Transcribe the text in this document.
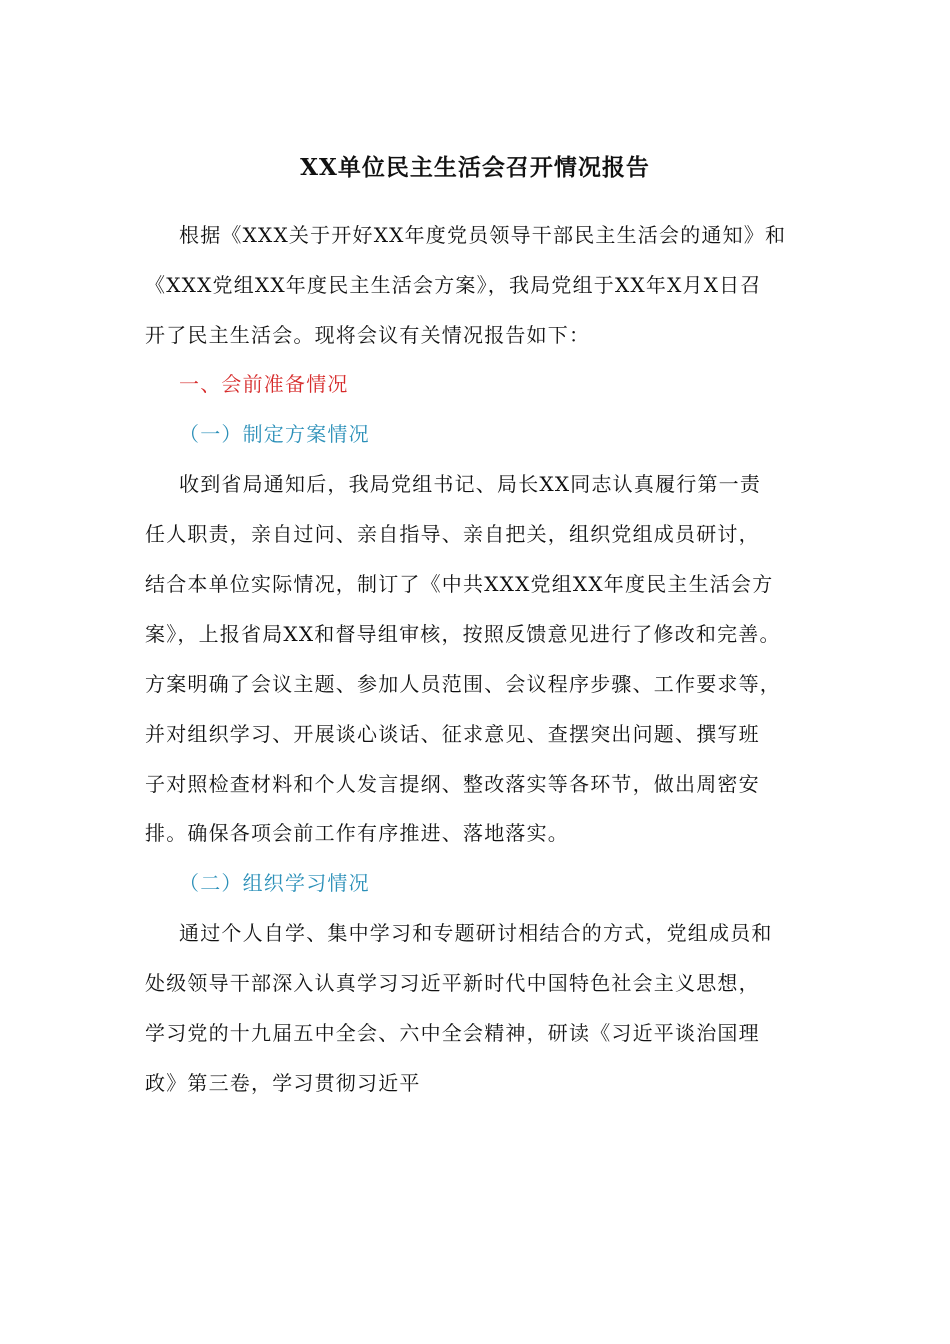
XX单位民主生活会召开情况报告
根据《XXX关于开好XX年度党员领导干部民主生活会的通知》和
《XXX党组XX年度民主生活会方案》，我局党组于XX年X月X日召
开了民主生活会。现将会议有关情况报告如下：
一、会前准备情况
（一）制定方案情况
收到省局通知后，我局党组书记、局长XX同志认真履行第一责
任人职责，亲自过问、亲自指导、亲自把关，组织党组成员研讨，
结合本单位实际情况，制订了《中共XXX党组XX年度民主生活会方
案》，上报省局XX和督导组审核，按照反馈意见进行了修改和完善。
方案明确了会议主题、参加人员范围、会议程序步骤、工作要求等，
并对组织学习、开展谈心谈话、征求意见、查摆突出问题、撰写班
子对照检查材料和个人发言提纲、整改落实等各环节，做出周密安
排。确保各项会前工作有序推进、落地落实。
（二）组织学习情况
通过个人自学、集中学习和专题研讨相结合的方式，党组成员和
处级领导干部深入认真学习习近平新时代中国特色社会主义思想，
学习党的十九届五中全会、六中全会精神，研读《习近平谈治国理
政》第三卷，学习贯彻习近平
